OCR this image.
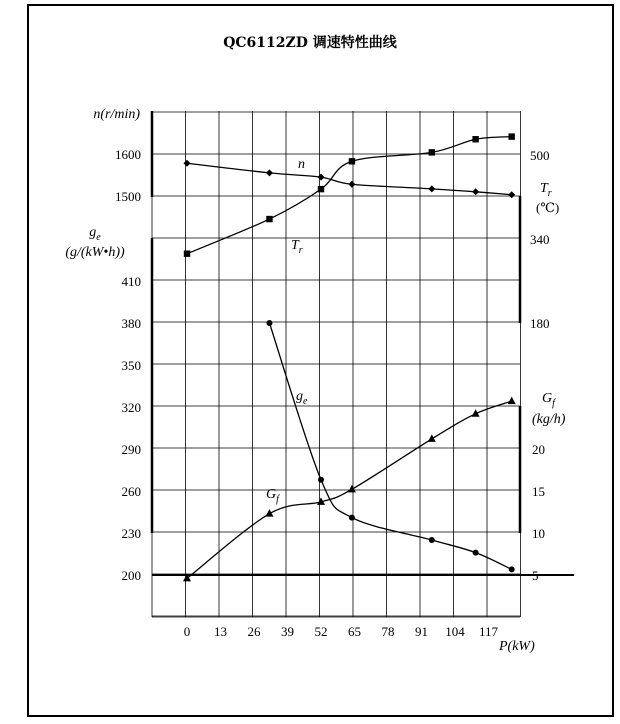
QC6112ZD 调速特性曲线
0 13 26 39 52 65 78 91 104 117
1500
1600
200
230
260
290
320
350
380
410
180
340
500
5
10
15
20
n(r/min)
$g_e$
(g/(kW•h))
$T_r$
(℃)
$G_f$
(kg/h)
P(kW)
n
$T_r$
$g_e$
$G_f$
